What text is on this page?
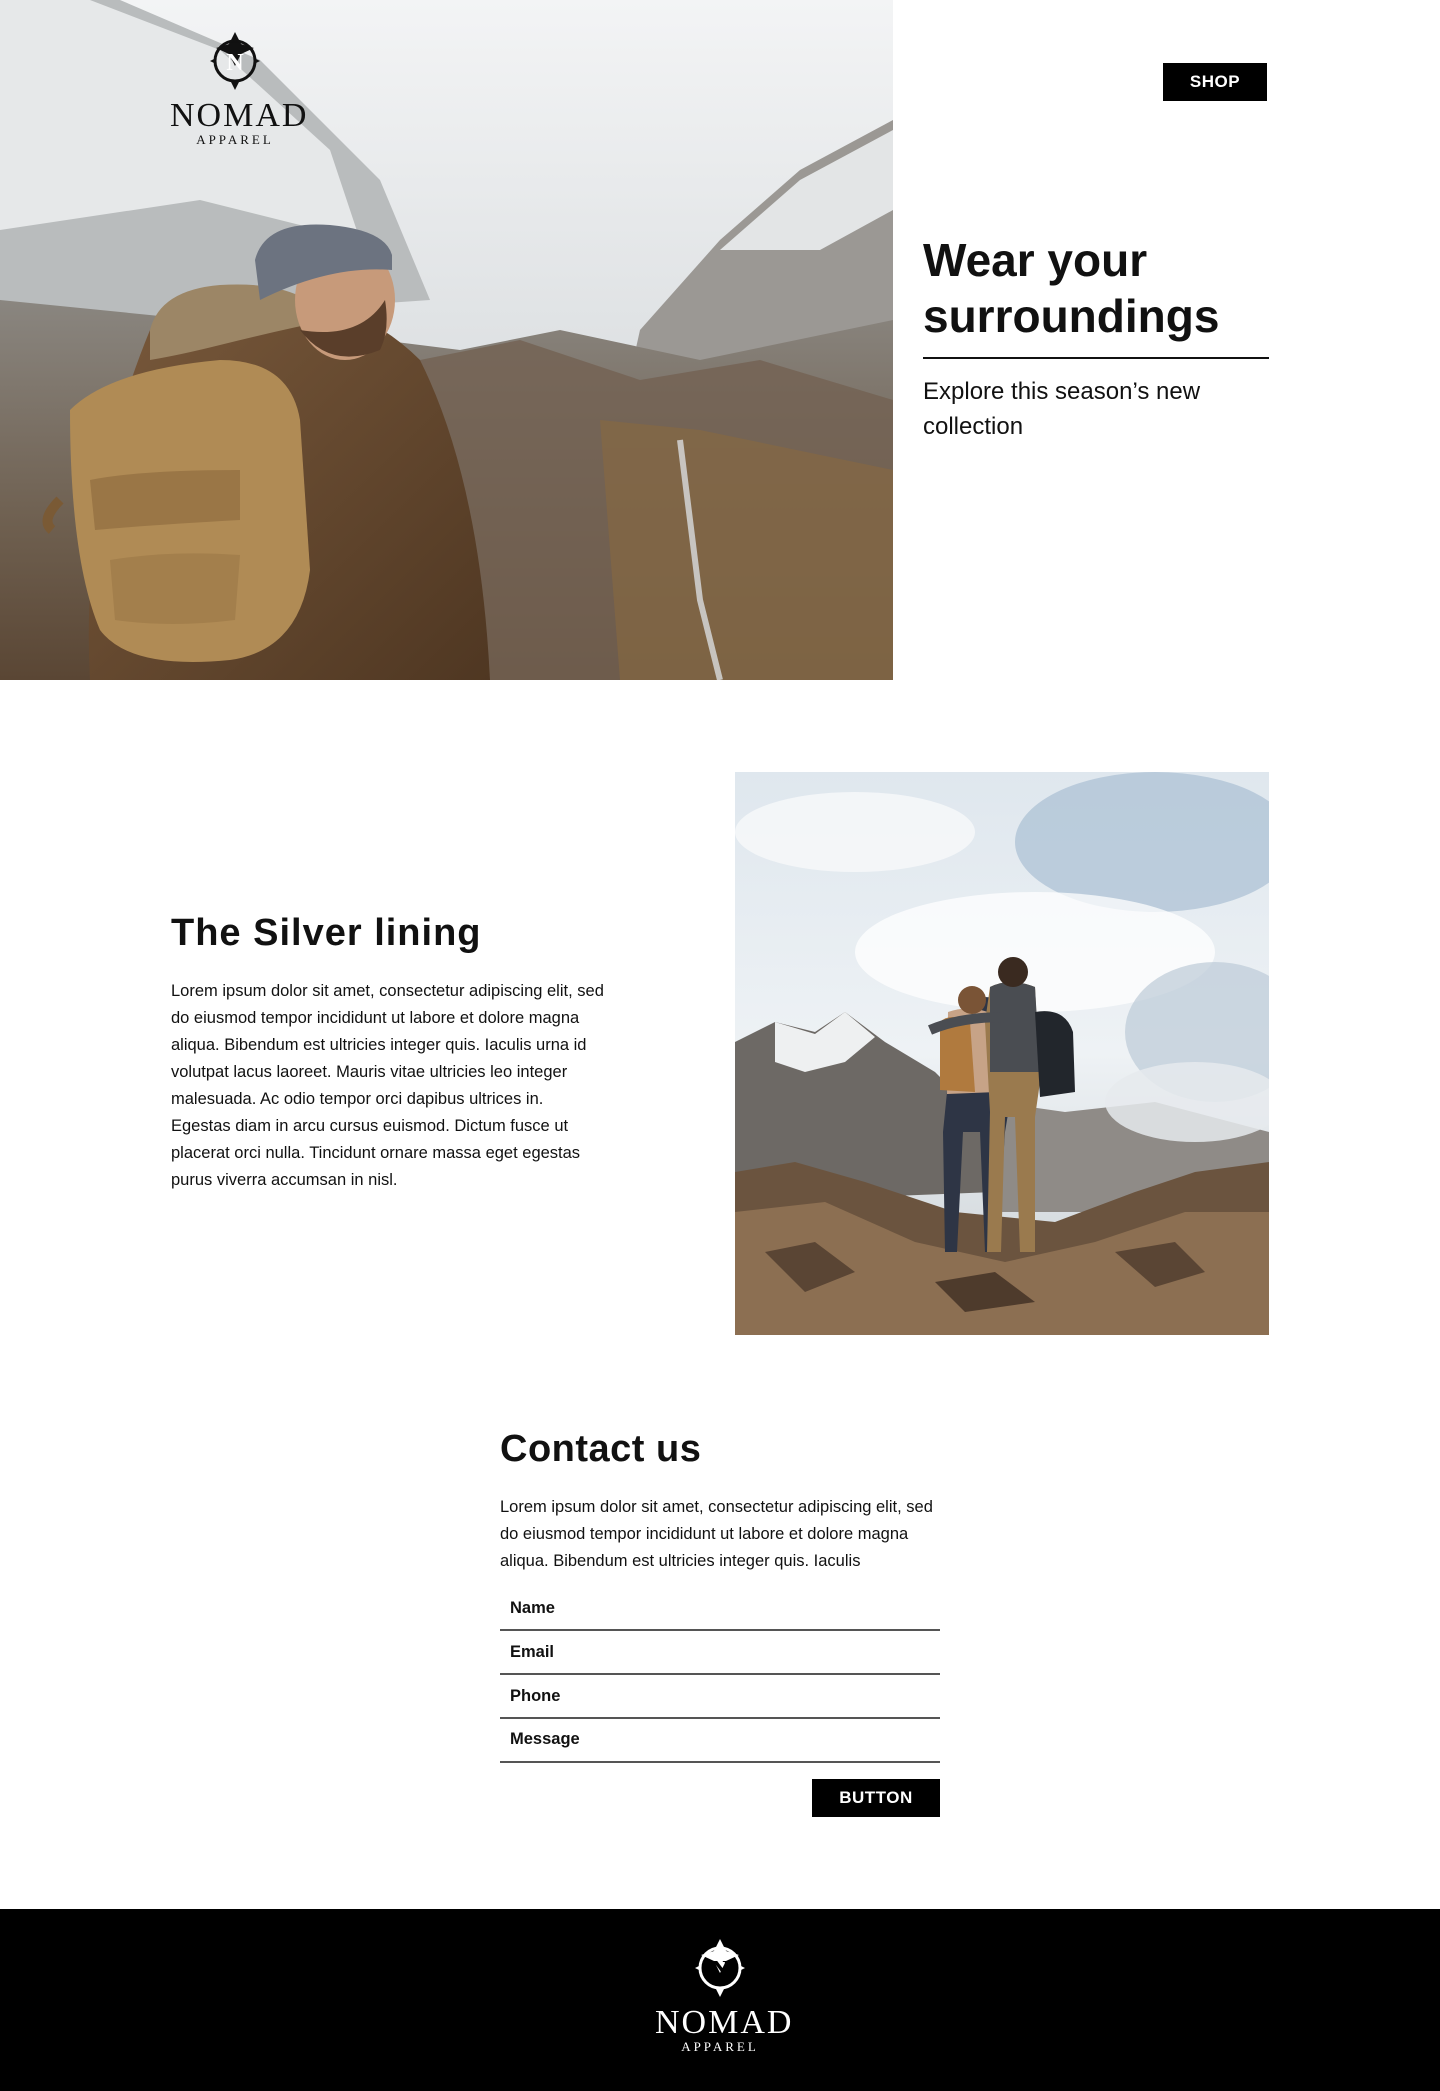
N
NOMAD
APPAREL
SHOP
Wear your surroundings

Explore this season’s new collection

The Silver lining

Lorem ipsum dolor sit amet, consectetur adipiscing elit, sed do eiusmod tempor incididunt ut labore et dolore magna aliqua. Bibendum est ultricies integer quis. Iaculis urna id volutpat lacus laoreet. Mauris vitae ultricies leo integer malesuada. Ac odio tempor orci dapibus ultrices in. Egestas diam in arcu cursus euismod. Dictum fusce ut placerat orci nulla. Tincidunt ornare massa eget egestas purus viverra accumsan in nisl.

Contact us

Lorem ipsum dolor sit amet, consectetur adipiscing elit, sed do eiusmod tempor incididunt ut labore et dolore magna aliqua. Bibendum est ultricies integer quis. Iaculis

Name
Email
Phone
Message
BUTTON
N
NOMAD
APPAREL
